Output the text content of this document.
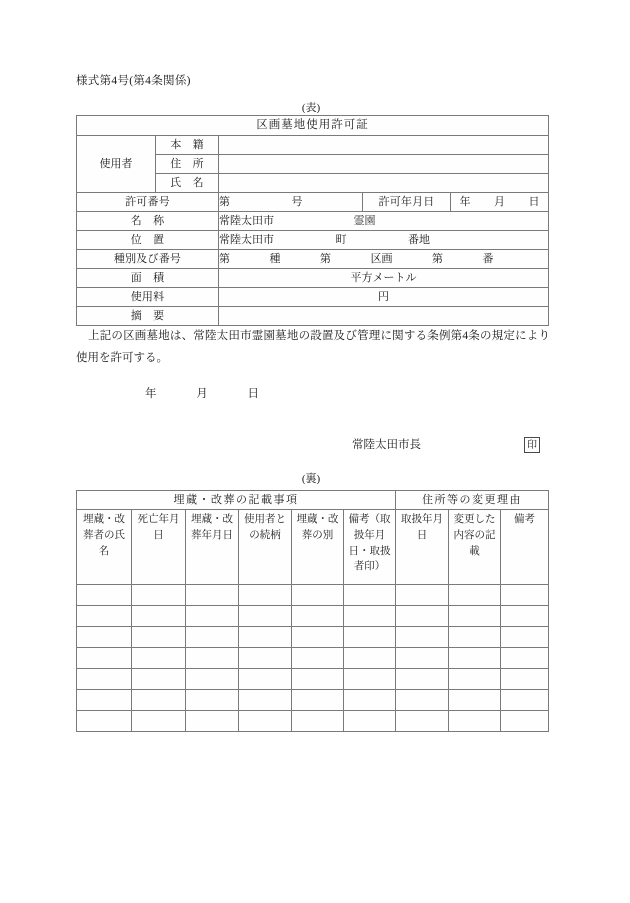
様式第4号(第4条関係)
(表)
区画墓地使用許可証				
使用者	本　籍			
	住　所			
	氏　名			
許可番号		第 号	許可年月日	年 月 日
名　称		常陸太田市 霊園		
位　置		常陸太田市 町 番地		
種別及び番号		第 種 第 区画 第 番		
面　積		平方メートル		
使用料		円		
摘　要				
上記の区画墓地は、常陸太田市霊園墓地の設置及び管理に関する条例第4条の規定により使用を許可する。
年	月	日
常陸太田市長	印
(裏)
埋蔵・改葬の記載事項						住所等の変更理由		
埋蔵・改葬者の氏　名	死亡年月日	埋蔵・改葬年月日	使用者との続柄	埋蔵・改葬の別	備考（取扱年月日・取扱者印）	取扱年月日	変更した内容の記載	備考
